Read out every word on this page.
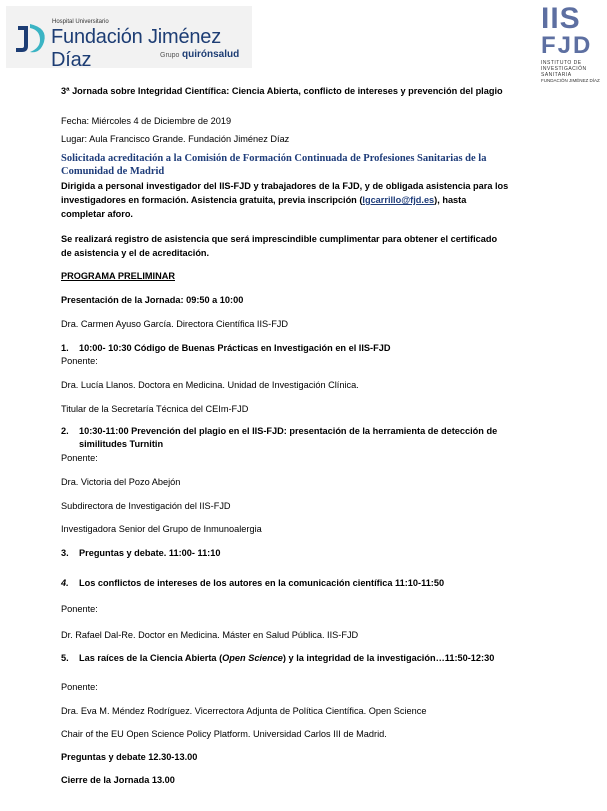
Hospital Universitario
Fundación Jiménez Díaz	Grupo quirónsalud
IIS
FJD
INSTITUTO DE
INVESTIGACIÓN
SANITARIA
FUNDACIÓN JIMÉNEZ DÍAZ
3ª Jornada sobre Integridad Científica: Ciencia Abierta, conflicto de intereses y prevención del plagio
Fecha: Miércoles 4 de Diciembre de 2019
Lugar: Aula Francisco Grande. Fundación Jiménez Díaz
Solicitada acreditación a la Comisión de Formación Continuada de Profesiones Sanitarias de la
Comunidad de Madrid
Dirigida a personal investigador del IIS-FJD y trabajadores de la FJD, y de obligada asistencia para los
investigadores en formación. Asistencia gratuita, previa inscripción (lgcarrillo@fjd.es), hasta
completar aforo.
Se realizará registro de asistencia que será imprescindible cumplimentar para obtener el certificado
de asistencia y el de acreditación.
PROGRAMA PRELIMINAR
Presentación de la Jornada: 09:50 a 10:00
Dra. Carmen Ayuso García. Directora Científica IIS-FJD
1. 10:00- 10:30 Código de Buenas Prácticas en Investigación en el IIS-FJD
Ponente:
Dra. Lucía Llanos. Doctora en Medicina. Unidad de Investigación Clínica.
Titular de la Secretaría Técnica del CEIm-FJD
2. 10:30-11:00 Prevención del plagio en el IIS-FJD: presentación de la herramienta de detección de
similitudes Turnitin
Ponente:
Dra. Victoria del Pozo Abejón
Subdirectora de Investigación del IIS-FJD
Investigadora Senior del Grupo de Inmunoalergia
3. Preguntas y debate. 11:00- 11:10
4. Los conflictos de intereses de los autores en la comunicación científica 11:10-11:50
Ponente:
Dr. Rafael Dal-Re. Doctor en Medicina. Máster en Salud Pública. IIS-FJD
5. Las raíces de la Ciencia Abierta (Open Science) y la integridad de la investigación…11:50-12:30
Ponente:
Dra. Eva M. Méndez Rodríguez. Vicerrectora Adjunta de Política Científica. Open Science
Chair of the EU Open Science Policy Platform. Universidad Carlos III de Madrid.
Preguntas y debate 12.30-13.00
Cierre de la Jornada 13.00
